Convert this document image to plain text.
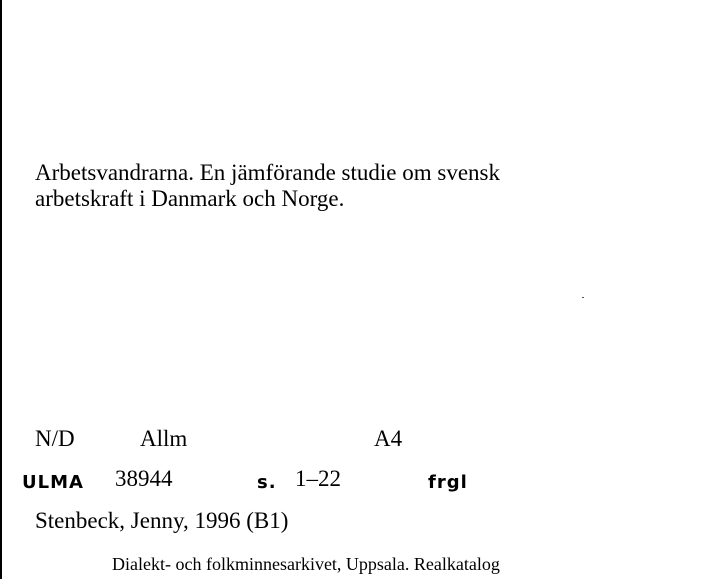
Arbetsvandrarna. En jämförande studie om svensk
arbetskraft i Danmark och Norge.
N/D	Allm	A4
ULMA 38944	s. 1–22	frgl
Stenbeck, Jenny, 1996 (B1)
Dialekt- och folkminnesarkivet, Uppsala. Realkatalog
